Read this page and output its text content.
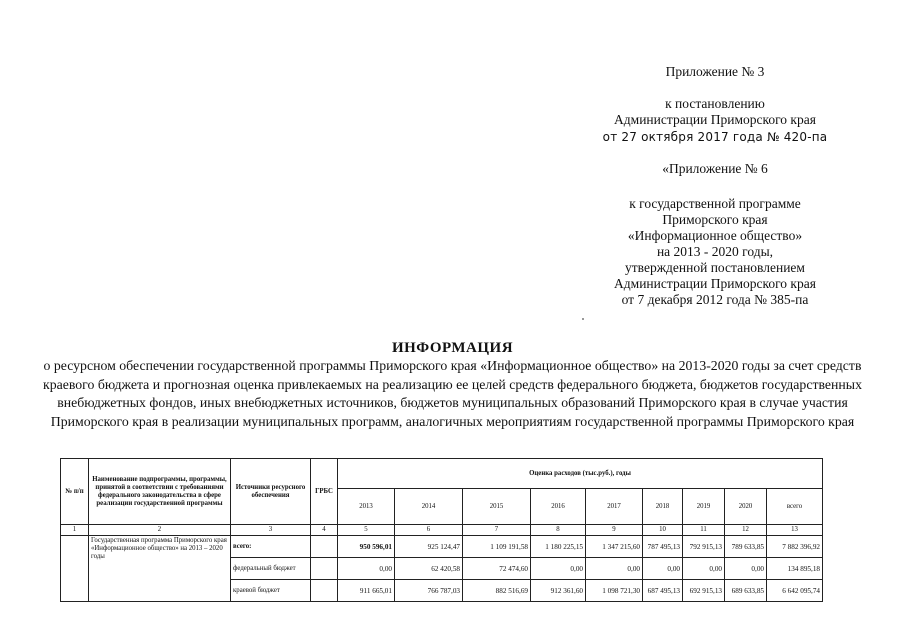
Приложение № 3
к постановлению
Администрации Приморского края
от 27 октября 2017 года № 420-па
«Приложение № 6
к государственной программе
Приморского края
«Информационное общество»
на 2013 - 2020 годы,
утвержденной постановлением
Администрации Приморского края
от 7 декабря 2012 года № 385-па
ИНФОРМАЦИЯ
о ресурсном обеспечении государственной программы Приморского края «Информационное общество» на 2013-2020 годы за счет средств краевого бюджета и прогнозная оценка привлекаемых на реализацию ее целей средств федерального бюджета, бюджетов государственных внебюджетных фондов, иных внебюджетных источников, бюджетов муниципальных образований Приморского края в случае участия Приморского края в реализации муниципальных программ, аналогичных мероприятиям государственной программы Приморского края
№ п/п	Наименование подпрограммы, программы, принятой в соответствии с требованиями федерального законодательства в сфере реализации государственной программы	Источники ресурсного обеспечения	ГРБС	Оценка расходов (тыс.руб.), годы								
				2013	2014	2015	2016	2017	2018	2019	2020	всего
1	2	3	4	5	6	7	8	9	10	11	12	13
	Государственная программа Приморского края «Информационное общество» на 2013 – 2020 годы	всего:		950 596,01	925 124,47	1 109 191,58	1 180 225,15	1 347 215,60	787 495,13	792 915,13	789 633,85	7 882 396,92
		федеральный бюджет		0,00	62 420,58	72 474,60	0,00	0,00	0,00	0,00	0,00	134 895,18
		краевой бюджет		911 665,01	766 787,03	882 516,69	912 361,60	1 098 721,30	687 495,13	692 915,13	689 633,85	6 642 095,74
